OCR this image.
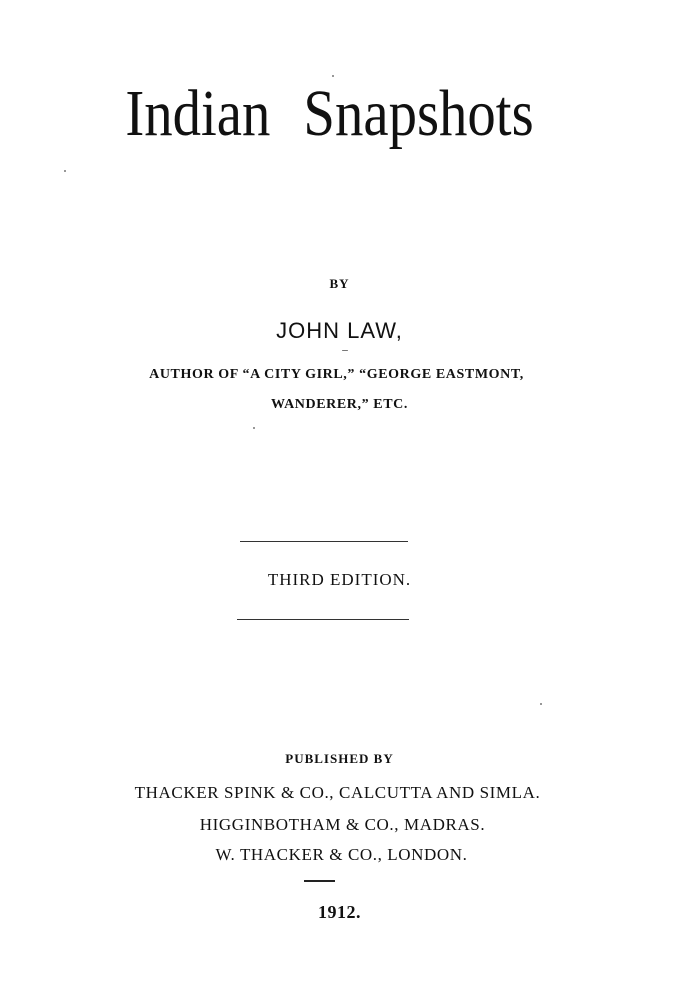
Indian Snapshots
BY
JOHN LAW,
AUTHOR OF “A CITY GIRL,” “GEORGE EASTMONT,
WANDERER,” ETC.
THIRD EDITION.
PUBLISHED BY
THACKER SPINK & CO., CALCUTTA AND SIMLA.
HIGGINBOTHAM & CO., MADRAS.
W. THACKER & CO., LONDON.
1912.
